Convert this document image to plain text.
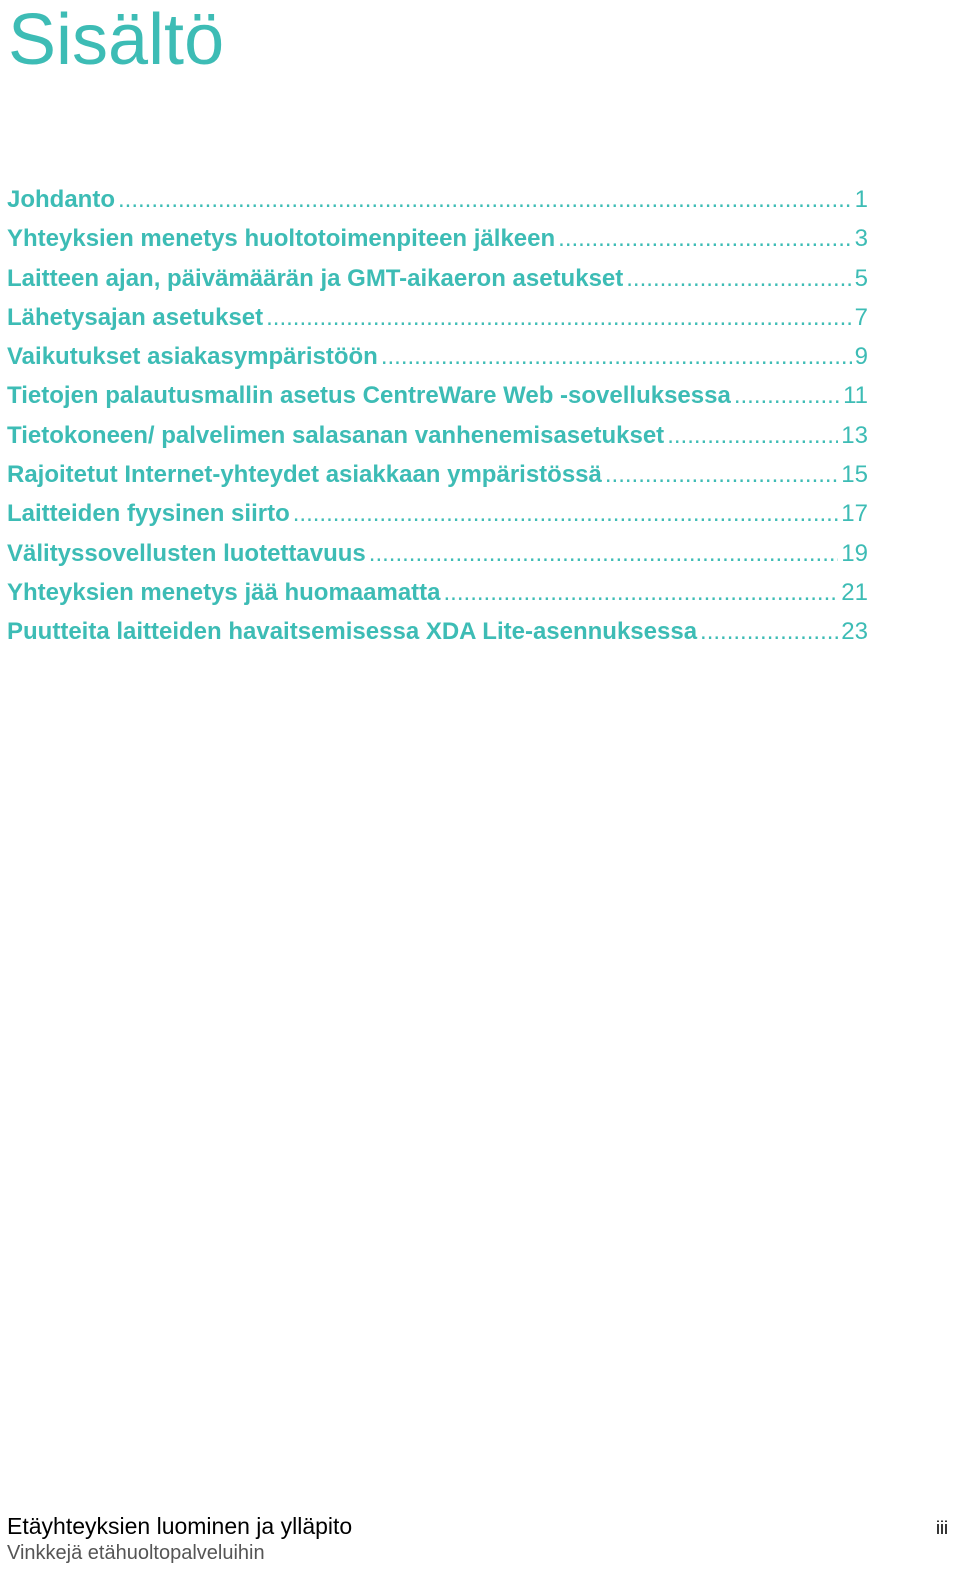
Sisältö
Johdanto .....	1
Yhteyksien menetys huoltotoimenpiteen jälkeen .....	3
Laitteen ajan, päivämäärän ja GMT-aikaeron asetukset .....	5
Lähetysajan asetukset .....	7
Vaikutukset asiakasympäristöön .....	9
Tietojen palautusmallin asetus CentreWare Web -sovelluksessa .....	11
Tietokoneen/ palvelimen salasanan vanhenemisasetukset .....	13
Rajoitetut Internet-yhteydet asiakkaan ympäristössä .....	15
Laitteiden fyysinen siirto .....	17
Välityssovellusten luotettavuus .....	19
Yhteyksien menetys jää huomaamatta .....	21
Puutteita laitteiden havaitsemisessa XDA Lite-asennuksessa .....	23
Etäyhteyksien luominen ja ylläpito
Vinkkejä etähuoltopalveluihin
iii
